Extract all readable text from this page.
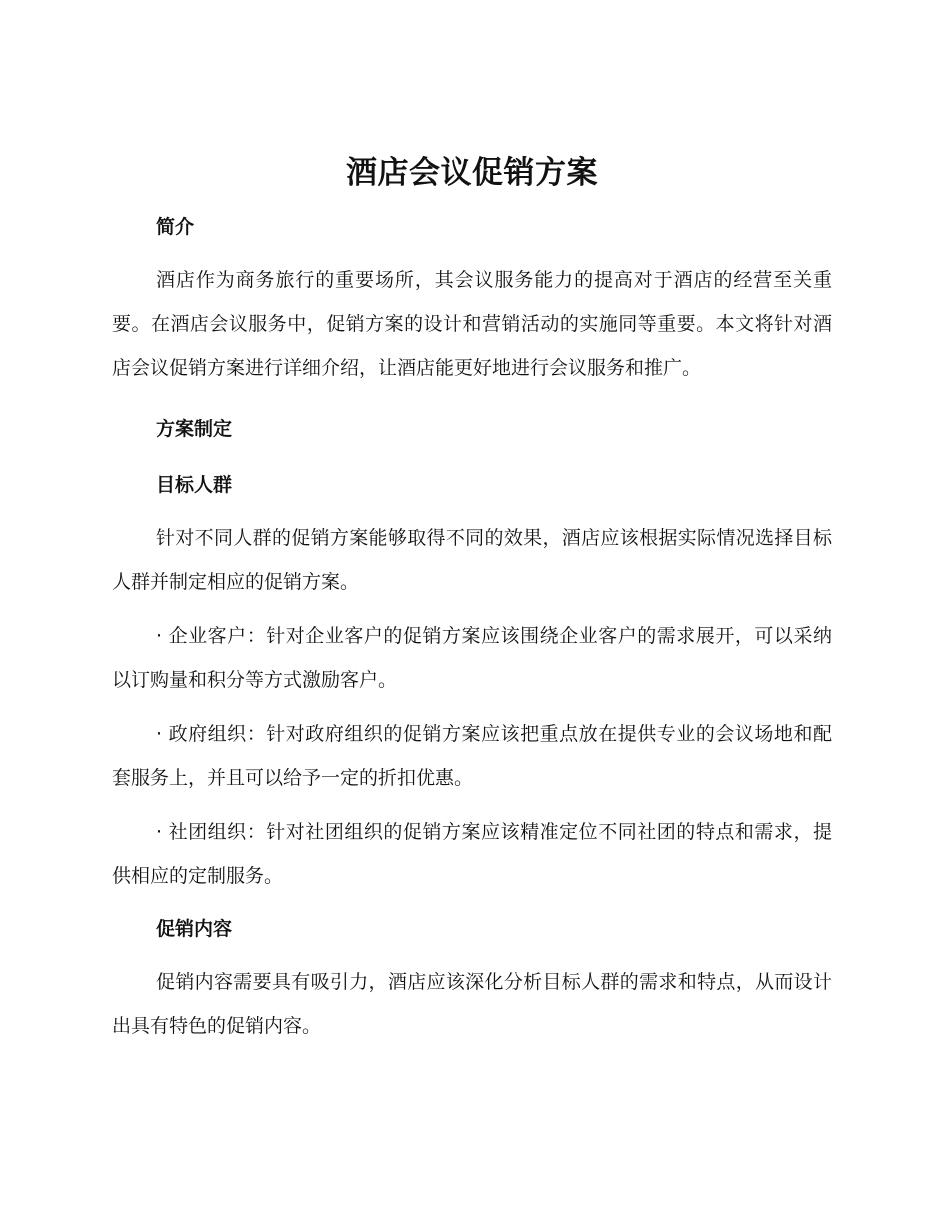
酒店会议促销方案
简介

酒店作为商务旅行的重要场所，其会议服务能力的提高对于酒店的经营至关重要。在酒店会议服务中，促销方案的设计和营销活动的实施同等重要。本文将针对酒店会议促销方案进行详细介绍，让酒店能更好地进行会议服务和推广。

方案制定
目标人群

针对不同人群的促销方案能够取得不同的效果，酒店应该根据实际情况选择目标人群并制定相应的促销方案。

· 企业客户：针对企业客户的促销方案应该围绕企业客户的需求展开，可以采纳以订购量和积分等方式激励客户。

· 政府组织：针对政府组织的促销方案应该把重点放在提供专业的会议场地和配套服务上，并且可以给予一定的折扣优惠。

· 社团组织：针对社团组织的促销方案应该精准定位不同社团的特点和需求，提供相应的定制服务。

促销内容

促销内容需要具有吸引力，酒店应该深化分析目标人群的需求和特点，从而设计出具有特色的促销内容。
